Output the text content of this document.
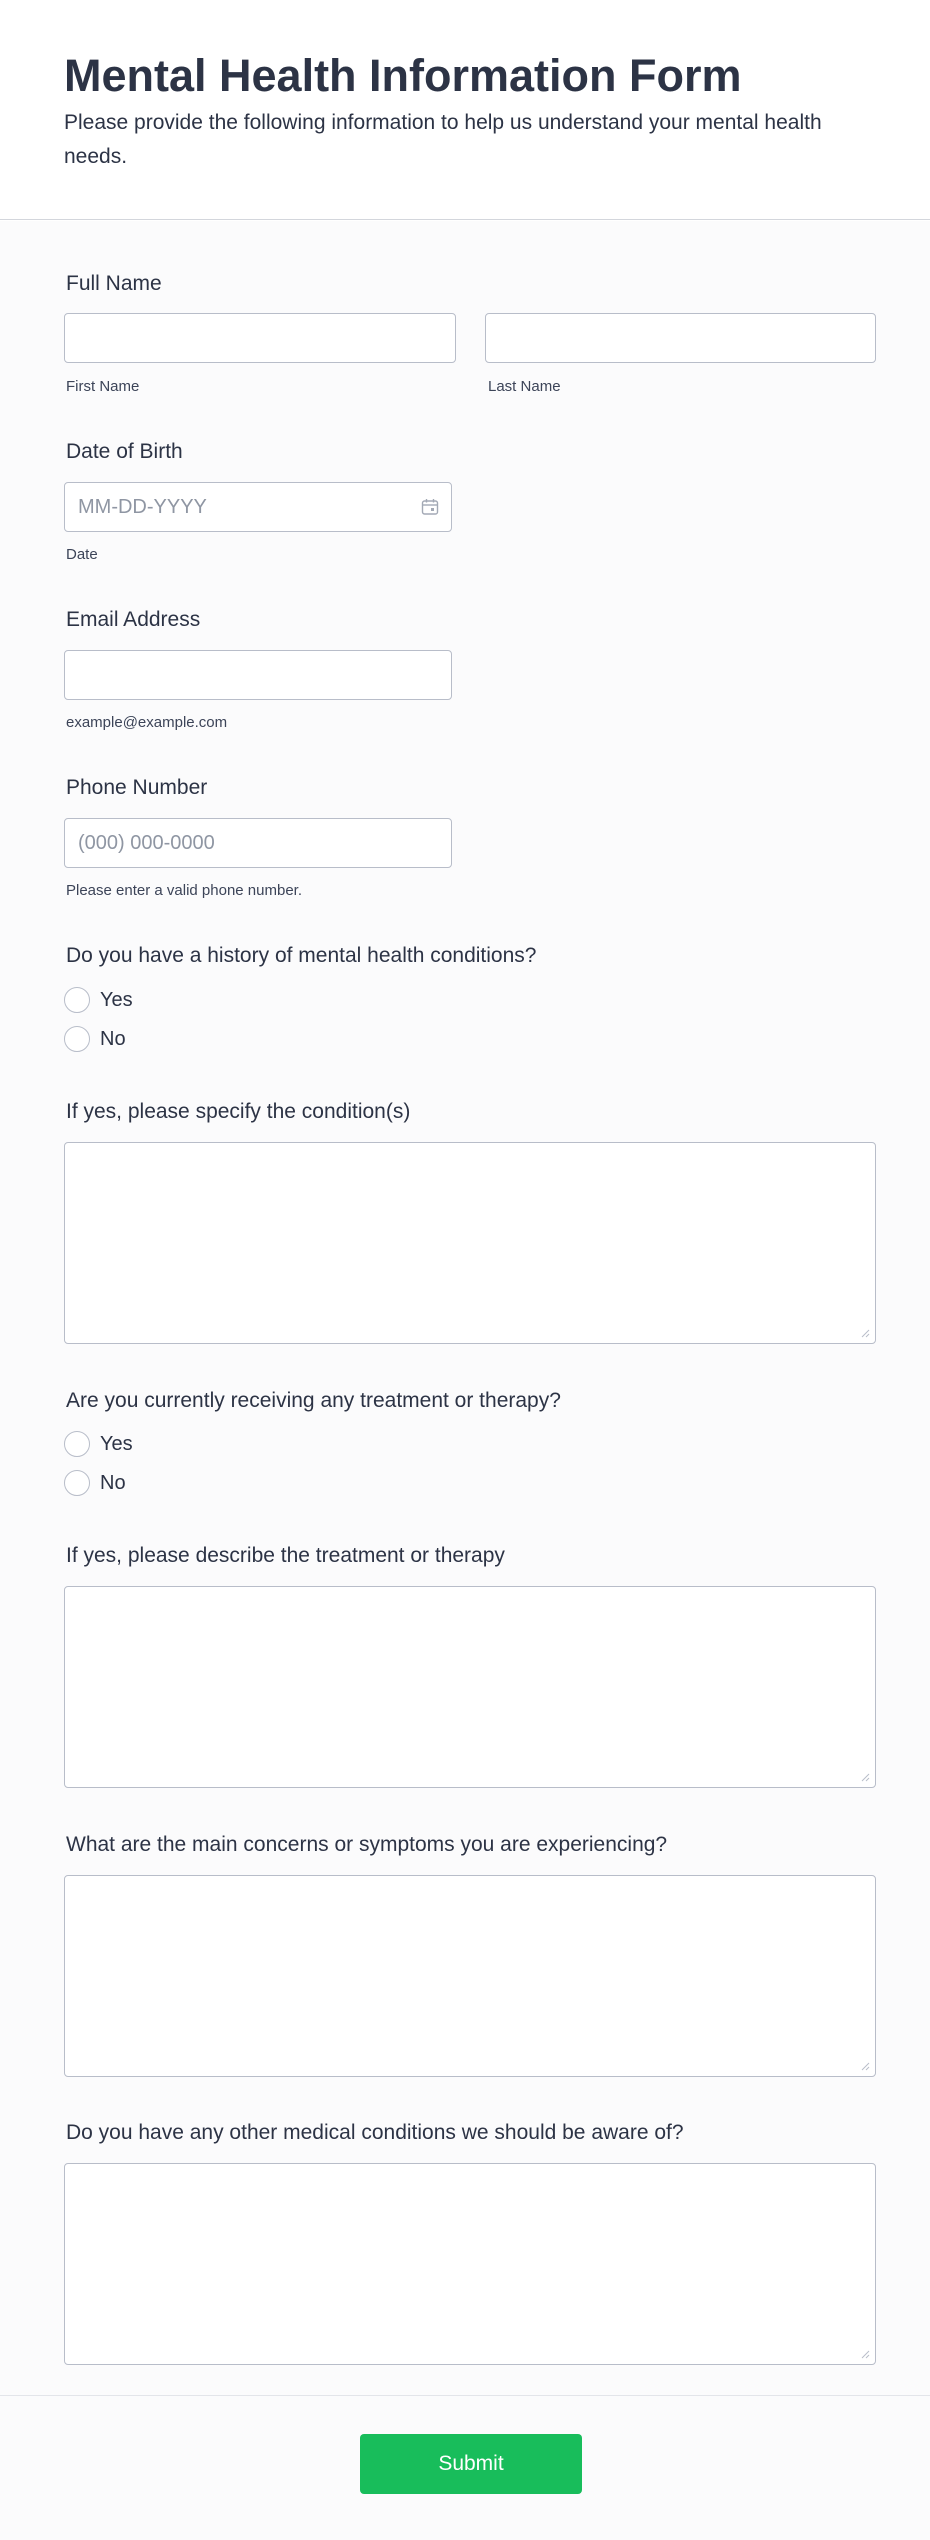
Mental Health Information Form
Please provide the following information to help us understand your mental health needs.
Full Name
First Name	Last Name
Date of Birth
MM-DD-YYYY
Date
Email Address
example@example.com
Phone Number
(000) 000-0000
Please enter a valid phone number.
Do you have a history of mental health conditions?
Yes
No
If yes, please specify the condition(s)
Are you currently receiving any treatment or therapy?
Yes
No
If yes, please describe the treatment or therapy
What are the main concerns or symptoms you are experiencing?
Do you have any other medical conditions we should be aware of?
Submit
